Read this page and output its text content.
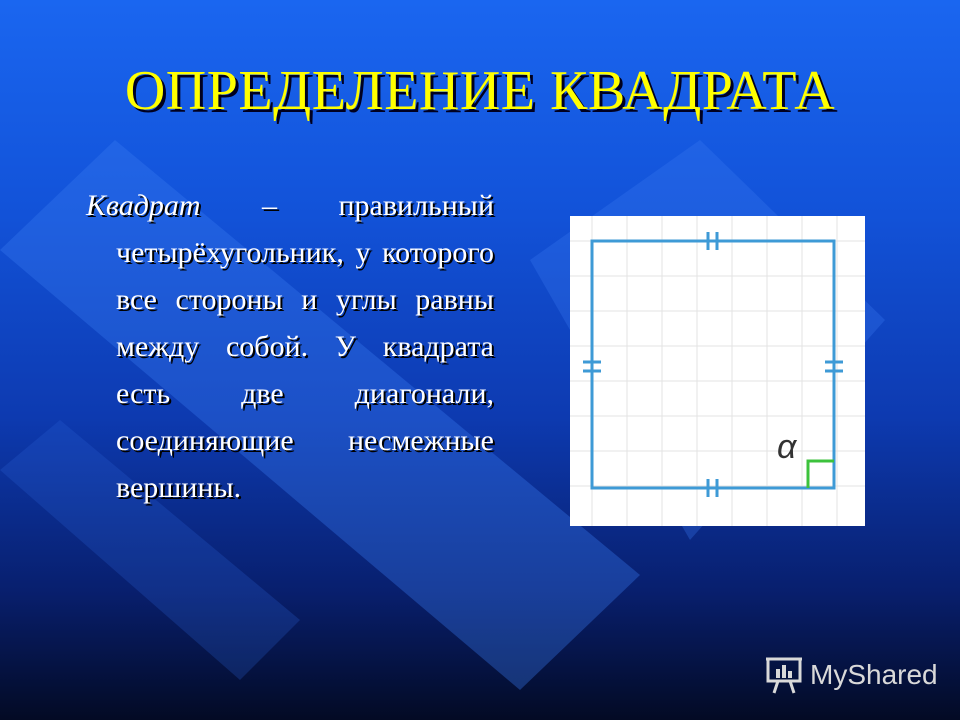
ОПРЕДЕЛЕНИЕ КВАДРАТА
Квадрат – правильный четырёхугольник, у которого все стороны и углы равны между собой. У квадрата есть две диагонали, соединяющие несмежные вершины.
α
MyShared
